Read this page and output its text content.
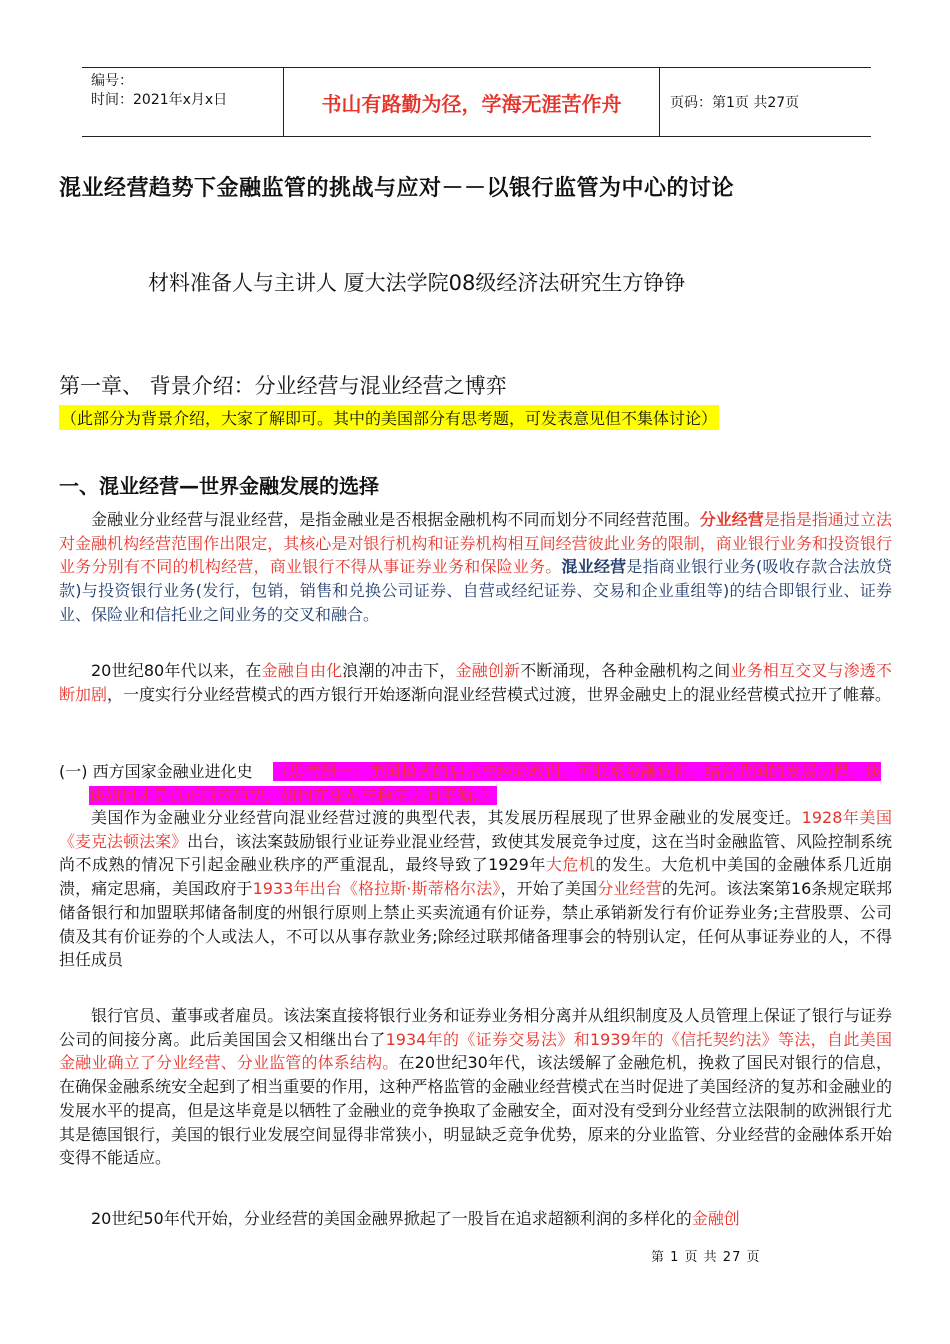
编号：
时间：2021年x月x日	书山有路勤为径，学海无涯苦作舟	页码：第1页 共27页
混业经营趋势下金融监管的挑战与应对－－以银行监管为中心的讨论
材料准备人与主讲人 厦大法学院08级经济法研究生方铮铮
第一章、 背景介绍：分业经营与混业经营之博弈
（此部分为背景介绍，大家了解即可。其中的美国部分有思考题，可发表意见但不集体讨论）
一、混业经营—世界金融发展的选择

金融业分业经营与混业经营，是指金融业是否根据金融机构不同而划分不同经营范围。分业经营是指是指通过立法对金融机构经营范围作出限定，其核心是对银行机构和证券机构相互间经营彼此业务的限制，商业银行业务和投资银行业务分别有不同的机构经营，商业银行不得从事证券业务和保险业务。混业经营是指商业银行业务(吸收存款合法放贷款)与投资银行业务(发行，包销，销售和兑换公司证券、自营或经纪证券、交易和企业重组等)的结合即银行业、证券业、保险业和信托业之间业务的交叉和融合。

20世纪80年代以来，在金融自由化浪潮的冲击下，金融创新不断涌现，各种金融机构之间业务相互交叉与渗透不断加剧，一度实行分业经营模式的西方银行开始逐渐向混业经营模式过渡，世界金融史上的混业经营模式拉开了帷幕。

(一) 西方国家金融业进化史 （思考题一：美国模式的启示与经验教训，可联系金融危机，结合我国的发展历程，谈谈如何才是真正顺应趋势，如何在变革与稳定之间平衡。）

美国作为金融业分业经营向混业经营过渡的典型代表，其发展历程展现了世界金融业的发展变迁。1928年美国《麦克法顿法案》出台，该法案鼓励银行业证券业混业经营，致使其发展竞争过度，这在当时金融监管、风险控制系统尚不成熟的情况下引起金融业秩序的严重混乱，最终导致了1929年大危机的发生。大危机中美国的金融体系几近崩溃，痛定思痛，美国政府于1933年出台《格拉斯·斯蒂格尔法》，开始了美国分业经营的先河。该法案第16条规定联邦储备银行和加盟联邦储备制度的州银行原则上禁止买卖流通有价证券，禁止承销新发行有价证券业务;主营股票、公司债及其有价证券的个人或法人，不可以从事存款业务;除经过联邦储备理事会的特别认定，任何从事证券业的人，不得担任成员

银行官员、董事或者雇员。该法案直接将银行业务和证券业务相分离并从组织制度及人员管理上保证了银行与证券公司的间接分离。此后美国国会又相继出台了1934年的《证券交易法》和1939年的《信托契约法》等法，自此美国金融业确立了分业经营、分业监管的体系结构。在20世纪30年代，该法缓解了金融危机，挽救了国民对银行的信息，在确保金融系统安全起到了相当重要的作用，这种严格监管的金融业经营模式在当时促进了美国经济的复苏和金融业的发展水平的提高，但是这毕竟是以牺牲了金融业的竞争换取了金融安全，面对没有受到分业经营立法限制的欧洲银行尤其是德国银行，美国的银行业发展空间显得非常狭小，明显缺乏竞争优势，原来的分业监管、分业经营的金融体系开始变得不能适应。

20世纪50年代开始，分业经营的美国金融界掀起了一股旨在追求超额利润的多样化的金融创

第 1 页 共 27 页
